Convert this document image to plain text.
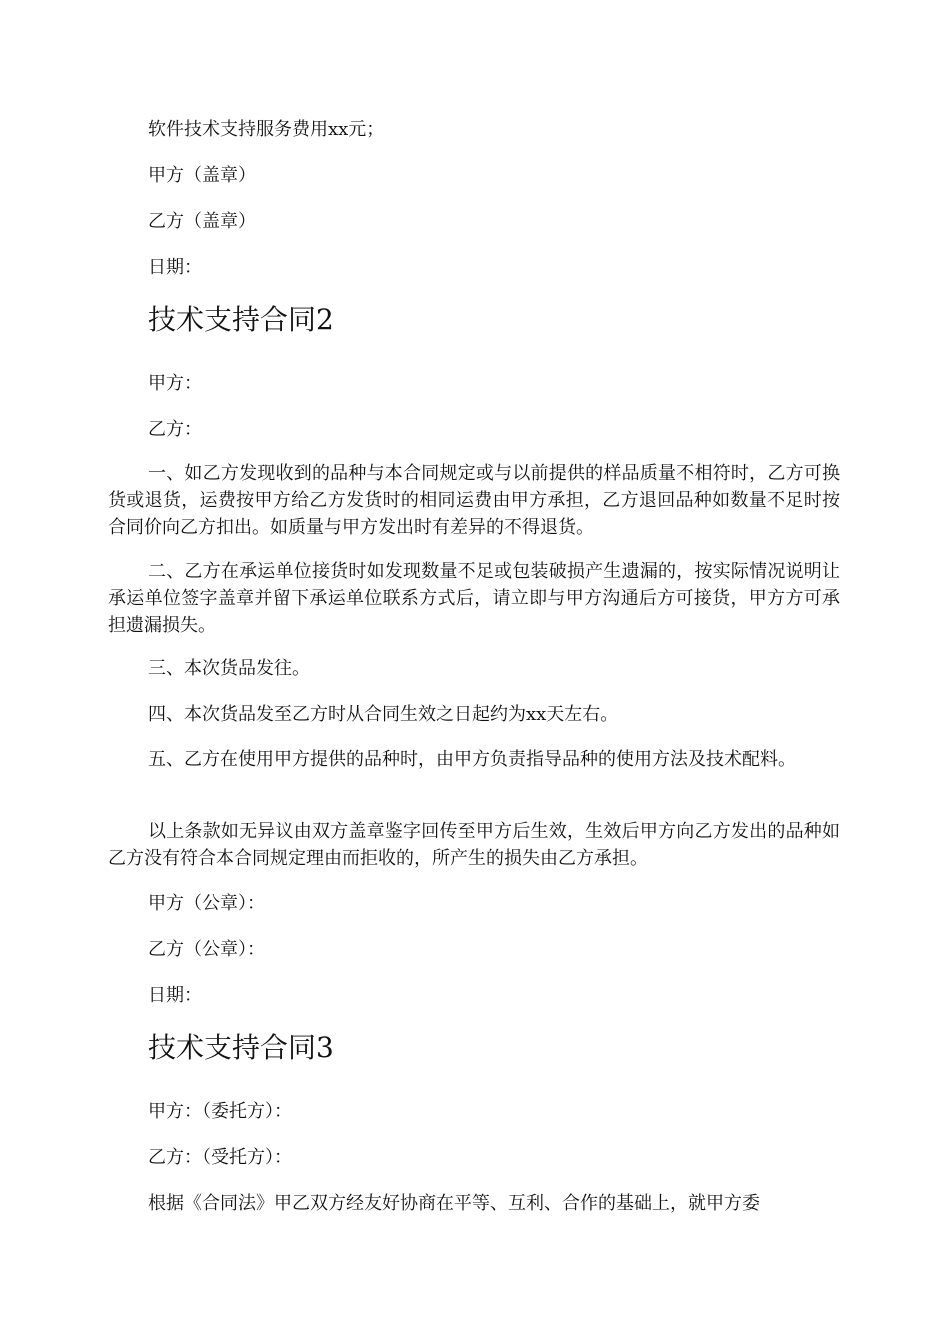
软件技术支持服务费用xx元；
甲方（盖章）
乙方（盖章）
日期：
技术支持合同2
甲方：
乙方：
一、如乙方发现收到的品种与本合同规定或与以前提供的样品质量不相符时，乙方可换货或退货，运费按甲方给乙方发货时的相同运费由甲方承担，乙方退回品种如数量不足时按合同价向乙方扣出。如质量与甲方发出时有差异的不得退货。
二、乙方在承运单位接货时如发现数量不足或包装破损产生遗漏的，按实际情况说明让承运单位签字盖章并留下承运单位联系方式后，请立即与甲方沟通后方可接货，甲方方可承担遗漏损失。
三、本次货品发往。
四、本次货品发至乙方时从合同生效之日起约为xx天左右。
五、乙方在使用甲方提供的品种时，由甲方负责指导品种的使用方法及技术配料。
以上条款如无异议由双方盖章鉴字回传至甲方后生效，生效后甲方向乙方发出的品种如乙方没有符合本合同规定理由而拒收的，所产生的损失由乙方承担。
甲方（公章）：
乙方（公章）：
日期：
技术支持合同3
甲方：（委托方）：
乙方：（受托方）：
根据《合同法》甲乙双方经友好协商在平等、互利、合作的基础上，就甲方委
